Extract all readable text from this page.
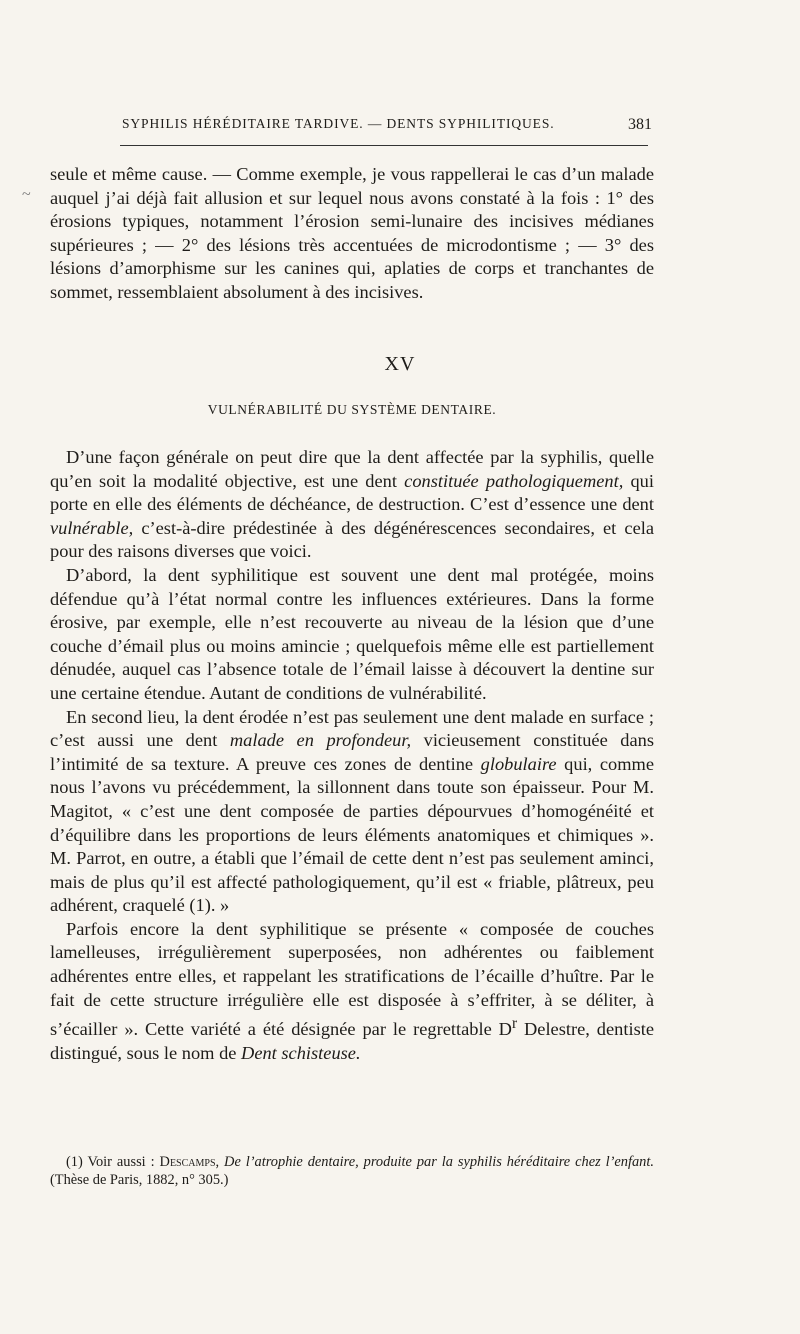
SYPHILIS HÉRÉDITAIRE TARDIVE. — DENTS SYPHILITIQUES.	381
~

seule et même cause. — Comme exemple, je vous rappellerai le cas d’un malade auquel j’ai déjà fait allusion et sur lequel nous avons constaté à la fois : 1° des érosions typiques, notamment l’érosion semi-lunaire des incisives médianes supérieures ; — 2° des lésions très accentuées de microdontisme ; — 3° des lésions d’amorphisme sur les canines qui, aplaties de corps et tranchantes de sommet, ressemblaient absolument à des incisives.

XV
VULNÉRABILITÉ DU SYSTÈME DENTAIRE.

D’une façon générale on peut dire que la dent affectée par la syphilis, quelle qu’en soit la modalité objective, est une dent constituée pathologiquement, qui porte en elle des éléments de déchéance, de destruction. C’est d’essence une dent vulnérable, c’est-à-dire prédestinée à des dégénérescences secondaires, et cela pour des raisons diverses que voici.

D’abord, la dent syphilitique est souvent une dent mal protégée, moins défendue qu’à l’état normal contre les influences extérieures. Dans la forme érosive, par exemple, elle n’est recouverte au niveau de la lésion que d’une couche d’émail plus ou moins amincie ; quelquefois même elle est partiellement dénudée, auquel cas l’absence totale de l’émail laisse à découvert la dentine sur une certaine étendue. Autant de conditions de vulnérabilité.

En second lieu, la dent érodée n’est pas seulement une dent malade en surface ; c’est aussi une dent malade en profondeur, vicieusement constituée dans l’intimité de sa texture. A preuve ces zones de dentine globulaire qui, comme nous l’avons vu précédemment, la sillonnent dans toute son épaisseur. Pour M. Magitot, « c’est une dent composée de parties dépourvues d’homogénéité et d’équilibre dans les proportions de leurs éléments anatomiques et chimiques ». M. Parrot, en outre, a établi que l’émail de cette dent n’est pas seulement aminci, mais de plus qu’il est affecté pathologiquement, qu’il est « friable, plâtreux, peu adhérent, craquelé (1). »

Parfois encore la dent syphilitique se présente « composée de couches lamelleuses, irrégulièrement superposées, non adhérentes ou faiblement adhérentes entre elles, et rappelant les stratifications de l’écaille d’huître. Par le fait de cette structure irrégulière elle est disposée à s’effriter, à se déliter, à s’écailler ». Cette variété a été désignée par le regrettable $D^r$ Delestre, dentiste distingué, sous le nom de Dent schisteuse.

(1) Voir aussi : Descamps, De l’atrophie dentaire, produite par la syphilis héréditaire chez l’enfant. (Thèse de Paris, 1882, n° 305.)
